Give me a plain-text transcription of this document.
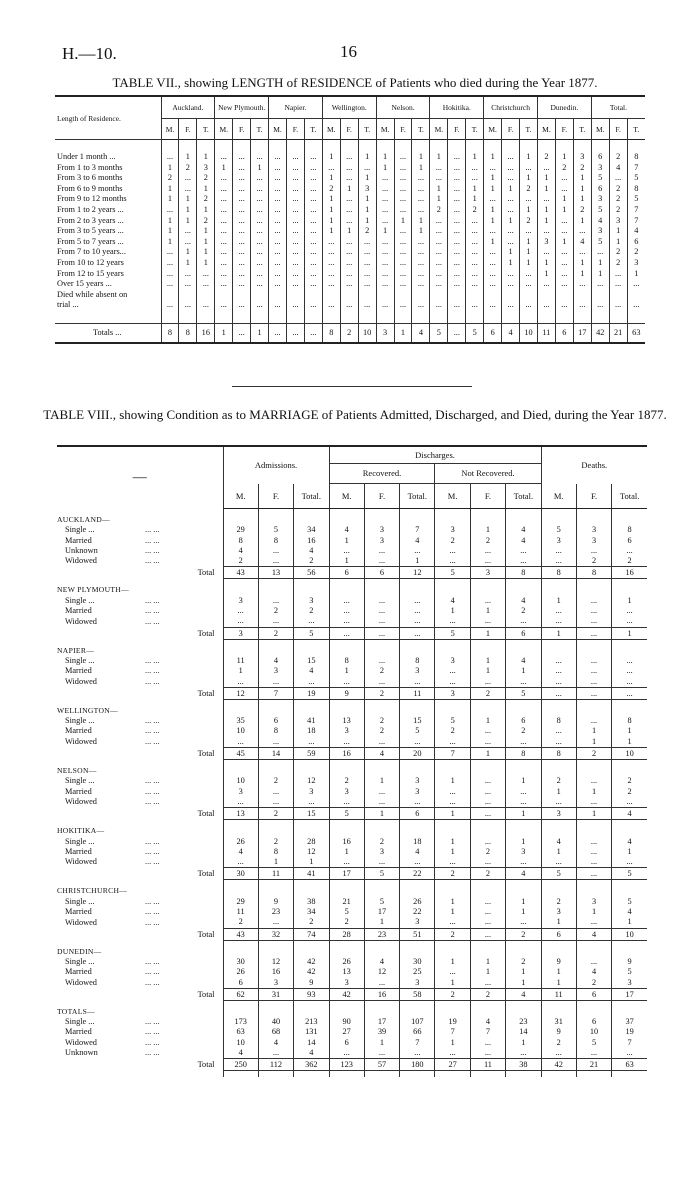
H.—10.	16
TABLE VII., showing LENGTH of RESIDENCE of Patients who died during the Year 1877.
Length of Residence.	Auckland.			New Plymouth.			Napier.			Wellington.			Nelson.			Hokitika.			Christchurch			Dunedin.			Total.		
	M.	F.	T.	M.	F.	T.	M.	F.	T.	M.	F.	T.	M.	F.	T.	M.	F.	T.	M.	F.	T.	M.	F.	T.	M.	F.	T.

Under 1 month ...	...	1	1	...	...	...	...	...	...	1	...	1	1	...	1	1	...	1	1	...	1	2	1	3	6	2	8
From 1 to 3 months	1	2	3	1	...	1	...	...	...	...	...	...	1	...	1	...	...	...	...	...	...	...	2	2	3	4	7
From 3 to 6 months	2	...	2	...	...	...	...	...	...	1	...	1	...	...	...	...	...	...	1	...	1	1	...	1	5	...	5
From 6 to 9 months	1	...	1	...	...	...	...	...	...	2	1	3	...	...	...	1	...	1	1	1	2	1	...	1	6	2	8
From 9 to 12 months	1	1	2	...	...	...	...	...	...	1	...	1	...	...	...	1	...	1	...	...	...	...	1	1	3	2	5
From 1 to 2 years ...	...	1	1	...	...	...	...	...	...	1	...	1	...	...	...	2	...	2	1	...	1	1	1	2	5	2	7
From 2 to 3 years ...	1	1	2	...	...	...	...	...	...	1	...	1	...	1	1	...	...	...	1	1	2	1	...	1	4	3	7
From 3 to 5 years ...	1	...	1	...	...	...	...	...	...	1	1	2	1	...	1	...	...	...	...	...	...	...	...	...	3	1	4
From 5 to 7 years ...	1	...	1	...	...	...	...	...	...	...	...	...	...	...	...	...	...	...	1	...	1	3	1	4	5	1	6
From 7 to 10 years...	...	1	1	...	...	...	...	...	...	...	...	...	...	...	...	...	...	...	...	1	1	...	...	...	...	2	2
From 10 to 12 years	...	1	1	...	...	...	...	...	...	...	...	...	...	...	...	...	...	...	...	1	1	1	...	1	1	2	3
From 12 to 15 years	...	...	...	...	...	...	...	...	...	...	...	...	...	...	...	...	...	...	...	...	...	1	...	1	1	...	1
Over 15 years ...	...	...	...	...	...	...	...	...	...	...	...	...	...	...	...	...	...	...	...	...	...	...	...	...	...	...	...
Died while absent on																											
trial ...	...	...	...	...	...	...	...	...	...	...	...	...	...	...	...	...	...	...	...	...	...	...	...	...	...	...	...

Totals ...	8	8	16	1	...	1	...	...	...	8	2	10	3	1	4	5	...	5	6	4	10	11	6	17	42	21	63
TABLE VIII., showing Condition as to MARRIAGE of Patients Admitted, Discharged, and Died, during the Year 1877.
—		Admissions.			Discharges.						Deaths.		
					Recovered.			Not Recovered.					
		M.	F.	Total.	M.	F.	Total.	M.	F.	Total.	M.	F.	Total.

AUCKLAND—													
Single ...	... ...	29	5	34	4	3	7	3	1	4	5	3	8
Married	... ...	8	8	16	1	3	4	2	2	4	3	3	6
Unknown	... ...	4	...	4	...	...	...	...	...	...	...	...	...
Widowed	... ...	2	...	2	1	...	1	...	...	...	...	2	2
Total		43	13	56	6	6	12	5	3	8	8	8	16

NEW PLYMOUTH—													
Single ...	... ...	3	...	3	...	...	...	4	...	4	1	...	1
Married	... ...	...	2	2	...	...	...	1	1	2	...	...	...
Widowed	... ...	...	...	...	...	...	...	...	...	...	...	...	...
Total		3	2	5	...	...	...	5	1	6	1	...	1

NAPIER—													
Single ...	... ...	11	4	15	8	...	8	3	1	4	...	...	...
Married	... ...	1	3	4	1	2	3	...	1	1	...	...	...
Widowed	... ...	...	...	...	...	...	...	...	...	...	...	...	...
Total		12	7	19	9	2	11	3	2	5	...	...	...

WELLINGTON—													
Single ...	... ...	35	6	41	13	2	15	5	1	6	8	...	8
Married	... ...	10	8	18	3	2	5	2	...	2	...	1	1
Widowed	... ...	...	...	...	...	...	...	...	...	...	...	1	1
Total		45	14	59	16	4	20	7	1	8	8	2	10

NELSON—													
Single ...	... ...	10	2	12	2	1	3	1	...	1	2	...	2
Married	... ...	3	...	3	3	...	3	...	...	...	1	1	2
Widowed	... ...	...	...	...	...	...	...	...	...	...	...	...	...
Total		13	2	15	5	1	6	1	...	1	3	1	4

HOKITIKA—													
Single ...	... ...	26	2	28	16	2	18	1	...	1	4	...	4
Married	... ...	4	8	12	1	3	4	1	2	3	1	...	1
Widowed	... ...	...	1	1	...	...	...	...	...	...	...	...	...
Total		30	11	41	17	5	22	2	2	4	5	...	5

CHRISTCHURCH—													
Single ...	... ...	29	9	38	21	5	26	1	...	1	2	3	5
Married	... ...	11	23	34	5	17	22	1	...	1	3	1	4
Widowed	... ...	2	...	2	2	1	3	...	...	...	1	...	1
Total		43	32	74	28	23	51	2	...	2	6	4	10

DUNEDIN—													
Single ...	... ...	30	12	42	26	4	30	1	1	2	9	...	9
Married	... ...	26	16	42	13	12	25	...	1	1	1	4	5
Widowed	... ...	6	3	9	3	...	3	1	...	1	1	2	3
Total		62	31	93	42	16	58	2	2	4	11	6	17

TOTALS—													
Single ...	... ...	173	40	213	90	17	107	19	4	23	31	6	37
Married	... ...	63	68	131	27	39	66	7	7	14	9	10	19
Widowed	... ...	10	4	14	6	1	7	1	...	1	2	5	7
Unknown	... ...	4	...	4	...	...	...	...	...	...	...	...	...
Total		250	112	362	123	57	180	27	11	38	42	21	63
